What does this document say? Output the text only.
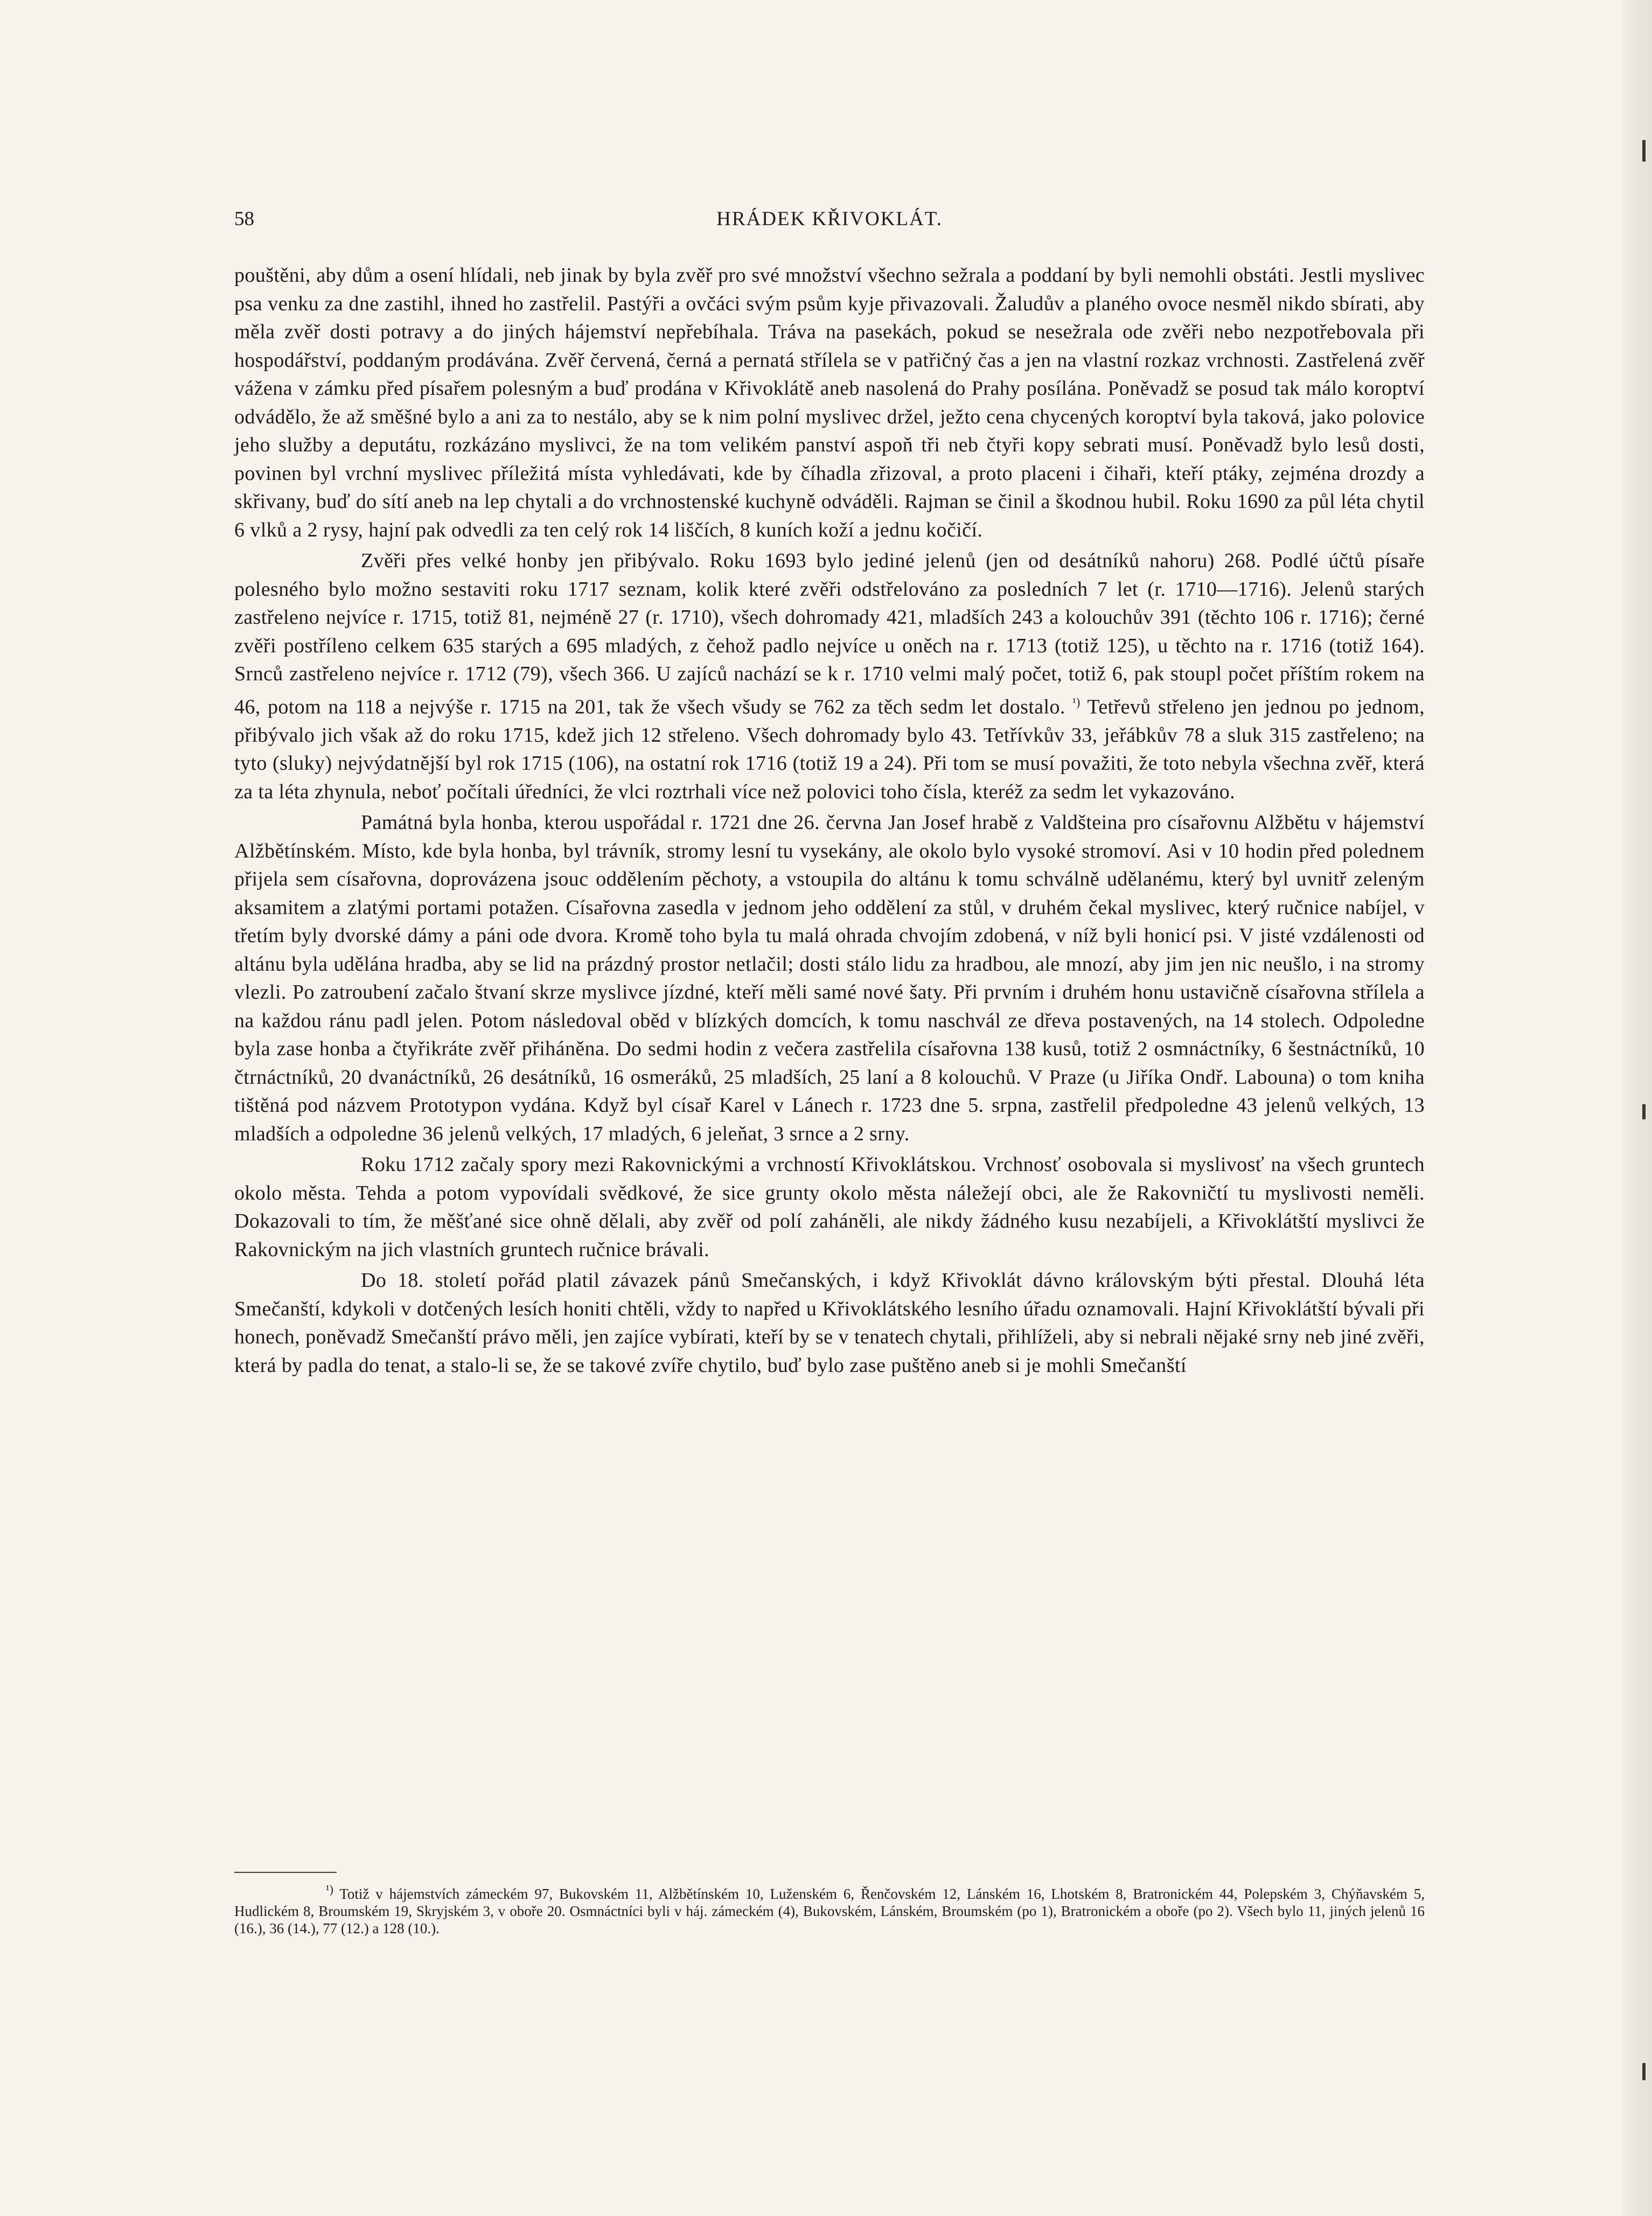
58	HRÁDEK KŘIVOKLÁT.

pouštěni, aby dům a osení hlídali, neb jinak by byla zvěř pro své množství všechno sežrala a poddaní by byli nemohli obstáti. Jestli myslivec psa venku za dne zastihl, ihned ho zastřelil. Pastýři a ovčáci svým psům kyje přivazovali. Žaludův a planého ovoce nesměl nikdo sbírati, aby měla zvěř dosti potravy a do jiných hájemství nepřebíhala. Tráva na pasekách, pokud se nesežrala ode zvěři nebo nezpotřebovala při hospodářství, poddaným prodávána. Zvěř červená, černá a pernatá střílela se v patřičný čas a jen na vlastní rozkaz vrchnosti. Zastřelená zvěř vážena v zámku před písařem polesným a buď prodána v Křivoklátě aneb nasolená do Prahy posílána. Poněvadž se posud tak málo koroptví odvádělo, že až směšné bylo a ani za to nestálo, aby se k nim polní myslivec držel, ježto cena chycených koroptví byla taková, jako polovice jeho služby a deputátu, rozkázáno myslivci, že na tom velikém panství aspoň tři neb čtyři kopy sebrati musí. Poněvadž bylo lesů dosti, povinen byl vrchní myslivec příležitá místa vyhledávati, kde by číhadla zřizoval, a proto placeni i čihaři, kteří ptáky, zejména drozdy a skřivany, buď do sítí aneb na lep chytali a do vrchnostenské kuchyně odváděli. Rajman se činil a škodnou hubil. Roku 1690 za půl léta chytil 6 vlků a 2 rysy, hajní pak odvedli za ten celý rok 14 liščích, 8 kuních koží a jednu kočičí.

Zvěři přes velké honby jen přibývalo. Roku 1693 bylo jediné jelenů (jen od desátníků nahoru) 268. Podlé účtů písaře polesného bylo možno sestaviti roku 1717 seznam, kolik které zvěři odstřelováno za posledních 7 let (r. 1710—1716). Jelenů starých zastřeleno nejvíce r. 1715, totiž 81, nejméně 27 (r. 1710), všech dohromady 421, mladších 243 a kolouchův 391 (těchto 106 r. 1716); černé zvěři postříleno celkem 635 starých a 695 mladých, z čehož padlo nejvíce u oněch na r. 1713 (totiž 125), u těchto na r. 1716 (totiž 164). Srnců zastřeleno nejvíce r. 1712 (79), všech 366. U zajíců nachází se k r. 1710 velmi malý počet, totiž 6, pak stoupl počet příštím rokem na 46, potom na 118 a nejvýše r. 1715 na 201, tak že všech všudy se 762 za těch sedm let dostalo. $^{^1)}$ Tetřevů střeleno jen jednou po jednom, přibývalo jich však až do roku 1715, kdež jich 12 střeleno. Všech dohromady bylo 43. Tetřívkův 33, jeřábkův 78 a sluk 315 zastřeleno; na tyto (sluky) nejvýdatnější byl rok 1715 (106), na ostatní rok 1716 (totiž 19 a 24). Při tom se musí považiti, že toto nebyla všechna zvěř, která za ta léta zhynula, neboť počítali úředníci, že vlci roztrhali více než polovici toho čísla, kteréž za sedm let vykazováno.

Památná byla honba, kterou uspořádal r. 1721 dne 26. června Jan Josef hrabě z Valdšteina pro císařovnu Alžbětu v hájemství Alžbětínském. Místo, kde byla honba, byl trávník, stromy lesní tu vysekány, ale okolo bylo vysoké stromoví. Asi v 10 hodin před polednem přijela sem císařovna, doprovázena jsouc oddělením pěchoty, a vstoupila do altánu k tomu schválně udělanému, který byl uvnitř zeleným aksamitem a zlatými portami potažen. Císařovna zasedla v jednom jeho oddělení za stůl, v druhém čekal myslivec, který ručnice nabíjel, v třetím byly dvorské dámy a páni ode dvora. Kromě toho byla tu malá ohrada chvojím zdobená, v níž byli honicí psi. V jisté vzdálenosti od altánu byla udělána hradba, aby se lid na prázdný prostor netlačil; dosti stálo lidu za hradbou, ale mnozí, aby jim jen nic neušlo, i na stromy vlezli. Po zatroubení začalo štvaní skrze myslivce jízdné, kteří měli samé nové šaty. Při prvním i druhém honu ustavičně císařovna střílela a na každou ránu padl jelen. Potom následoval oběd v blízkých domcích, k tomu naschvál ze dřeva postavených, na 14 stolech. Odpoledne byla zase honba a čtyřikráte zvěř přiháněna. Do sedmi hodin z večera zastřelila císařovna 138 kusů, totiž 2 osmnáctníky, 6 šestnáctníků, 10 čtrnáctníků, 20 dvanáctníků, 26 desátníků, 16 osmeráků, 25 mladších, 25 laní a 8 kolouchů. V Praze (u Jiříka Ondř. Labouna) o tom kniha tištěná pod názvem Prototypon vydána. Když byl císař Karel v Lánech r. 1723 dne 5. srpna, zastřelil předpoledne 43 jelenů velkých, 13 mladších a odpoledne 36 jelenů velkých, 17 mladých, 6 jeleňat, 3 srnce a 2 srny.

Roku 1712 začaly spory mezi Rakovnickými a vrchností Křivoklátskou. Vrchnosť osobovala si myslivosť na všech gruntech okolo města. Tehda a potom vypovídali svědkové, že sice grunty okolo města náležejí obci, ale že Rakovničtí tu myslivosti neměli. Dokazovali to tím, že měšťané sice ohně dělali, aby zvěř od polí zaháněli, ale nikdy žádného kusu nezabíjeli, a Křivoklátští myslivci že Rakovnickým na jich vlastních gruntech ručnice brávali.

Do 18. století pořád platil závazek pánů Smečanských, i když Křivoklát dávno královským býti přestal. Dlouhá léta Smečanští, kdykoli v dotčených lesích honiti chtěli, vždy to napřed u Křivoklátského lesního úřadu oznamovali. Hajní Křivoklátští bývali při honech, poněvadž Smečanští právo měli, jen zajíce vybírati, kteří by se v tenatech chytali, přihlíželi, aby si nebrali nějaké srny neb jiné zvěři, která by padla do tenat, a stalo-li se, že se takové zvíře chytilo, buď bylo zase puštěno aneb si je mohli Smečanští

$^{^1)}$ Totiž v hájemstvích zámeckém 97, Bukovském 11, Alžbětínském 10, Luženském 6, Řenčovském 12, Lánském 16, Lhotském 8, Bratronickém 44, Polepském 3, Chýňavském 5, Hudlickém 8, Broumském 19, Skryjském 3, v oboře 20. Osmnáctníci byli v háj. zámeckém (4), Bukovském, Lánském, Broumském (po 1), Bratronickém a oboře (po 2). Všech bylo 11, jiných jelenů 16 (16.), 36 (14.), 77 (12.) a 128 (10.).
